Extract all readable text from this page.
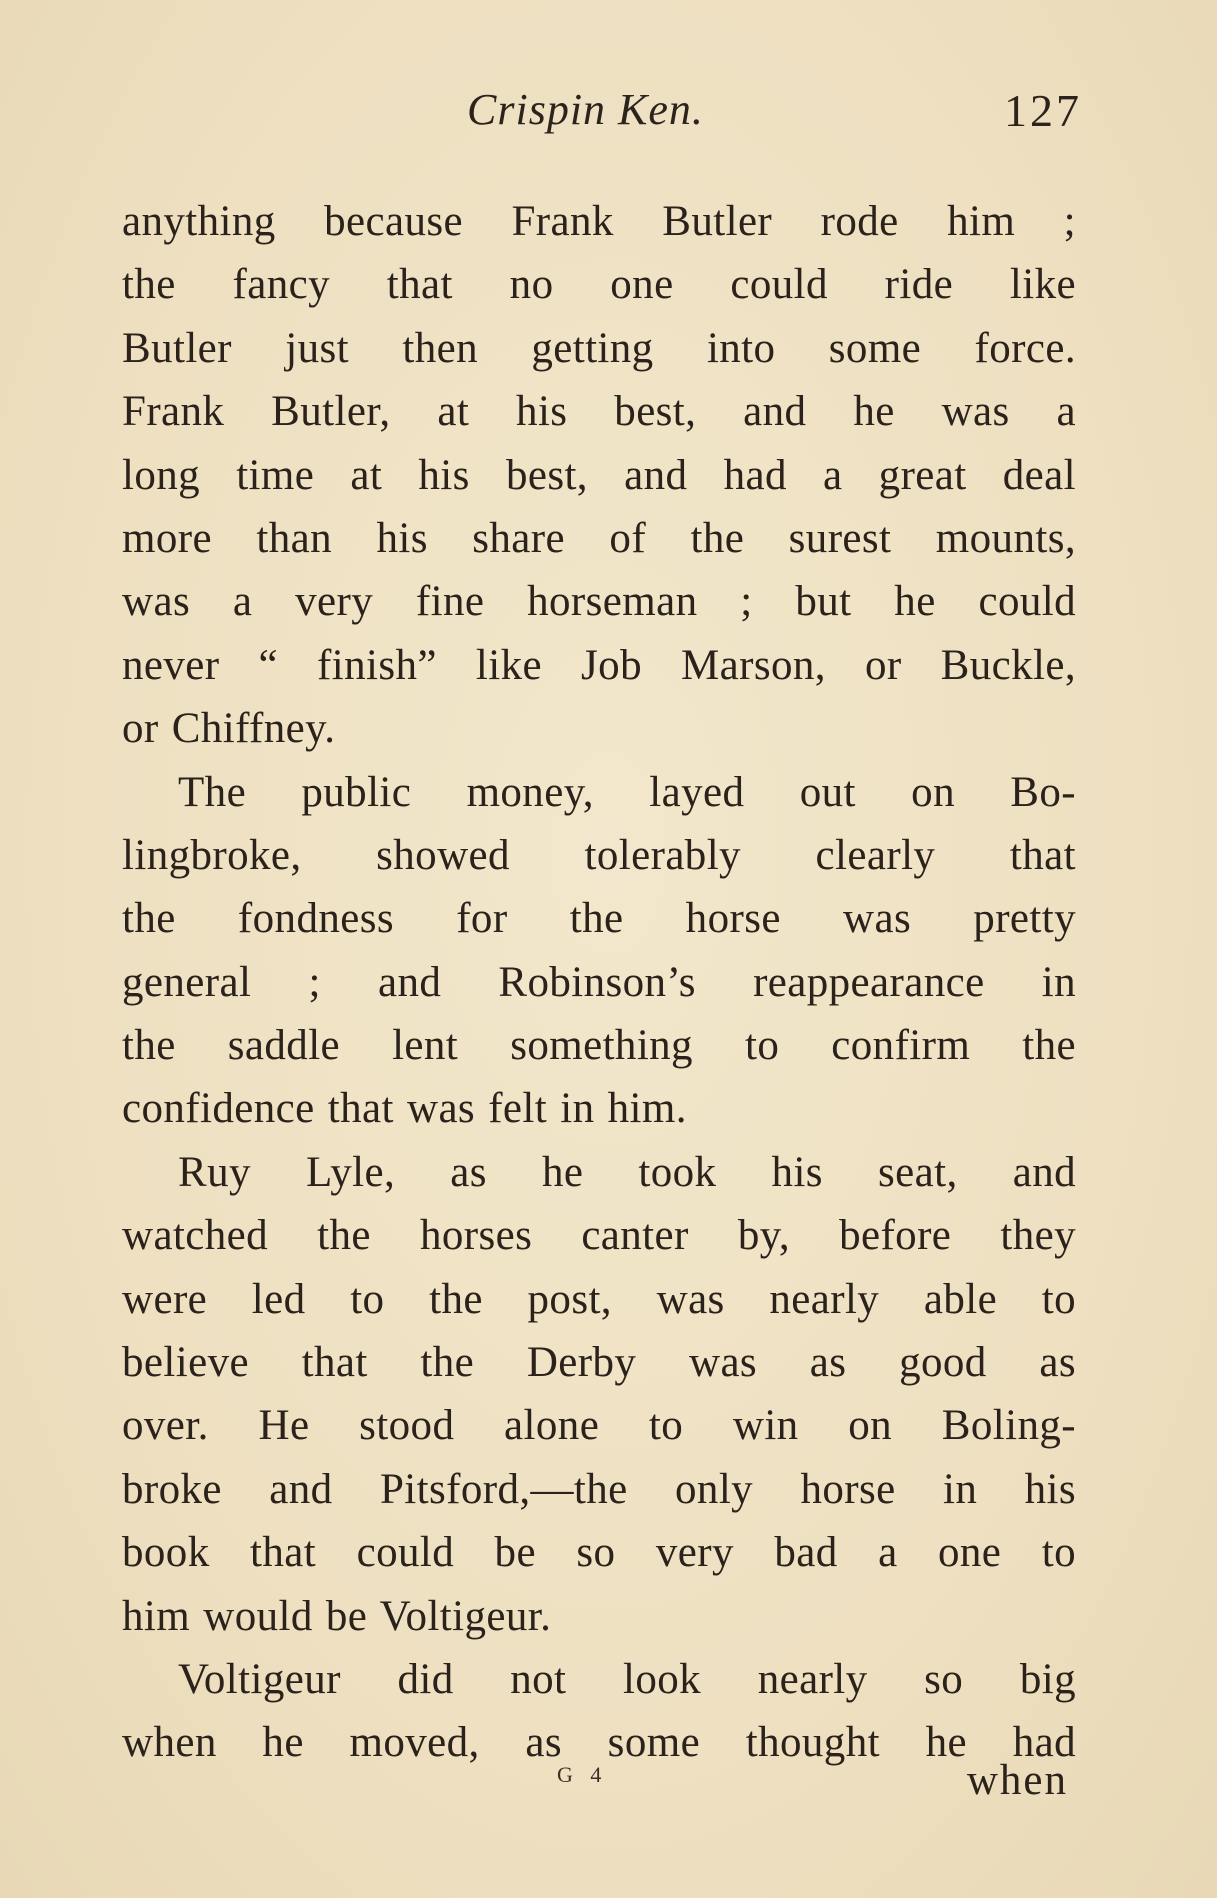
Crispin Ken.	127
anything because Frank Butler rode him ;
the fancy that no one could ride like
Butler just then getting into some force.
Frank Butler, at his best, and he was a
long time at his best, and had a great deal
more than his share of the surest mounts,
was a very fine horseman ; but he could
never “ finish” like Job Marson, or Buckle,
or Chiffney.
The public money, layed out on Bo-
lingbroke, showed tolerably clearly that
the fondness for the horse was pretty
general ; and Robinson’s reappearance in
the saddle lent something to confirm the
confidence that was felt in him.
Ruy Lyle, as he took his seat, and
watched the horses canter by, before they
were led to the post, was nearly able to
believe that the Derby was as good as
over. He stood alone to win on Boling-
broke and Pitsford,—the only horse in his
book that could be so very bad a one to
him would be Voltigeur.
Voltigeur did not look nearly so big
when he moved, as some thought he had
G 4	when
